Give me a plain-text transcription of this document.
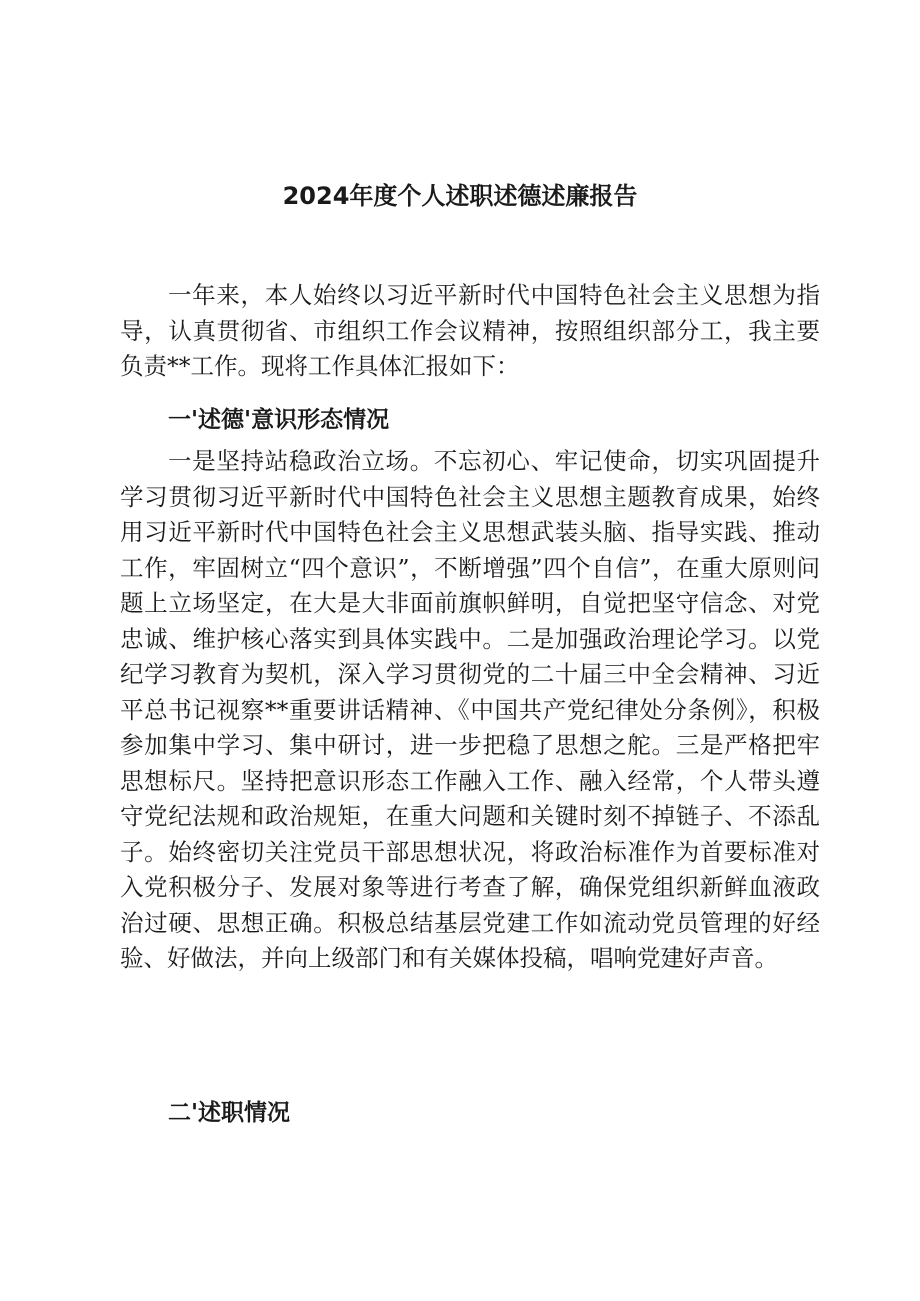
2024年度个人述职述德述廉报告

一年来，本人始终以习近平新时代中国特色社会主义思想为指导，认真贯彻省、市组织工作会议精神，按照组织部分工，我主要负责**工作。现将工作具体汇报如下：

一'述德'意识形态情况

一是坚持站稳政治立场。不忘初心、牢记使命，切实巩固提升学习贯彻习近平新时代中国特色社会主义思想主题教育成果，始终用习近平新时代中国特色社会主义思想武装头脑、指导实践、推动工作，牢固树立“四个意识”，不断增强”四个自信”，在重大原则问题上立场坚定，在大是大非面前旗帜鲜明，自觉把坚守信念、对党忠诚、维护核心落实到具体实践中。二是加强政治理论学习。以党纪学习教育为契机，深入学习贯彻党的二十届三中全会精神、习近平总书记视察**重要讲话精神、《中国共产党纪律处分条例》，积极参加集中学习、集中研讨，进一步把稳了思想之舵。三是严格把牢思想标尺。坚持把意识形态工作融入工作、融入经常，个人带头遵守党纪法规和政治规矩，在重大问题和关键时刻不掉链子、不添乱子。始终密切关注党员干部思想状况，将政治标准作为首要标准对入党积极分子、发展对象等进行考查了解，确保党组织新鲜血液政治过硬、思想正确。积极总结基层党建工作如流动党员管理的好经验、好做法，并向上级部门和有关媒体投稿，唱响党建好声音。

二'述职情况
